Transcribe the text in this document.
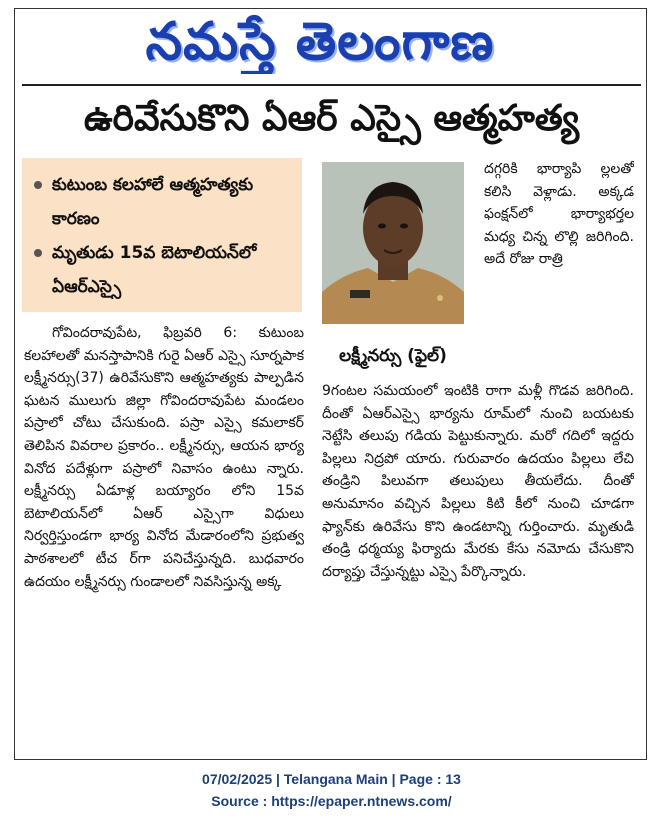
నమస్తే తెలంగాణ
ఉరివేసుకొని ఏఆర్ ఎస్సై ఆత్మహత్య
కుటుంబ కలహాలే ఆత్మహత్యకు కారణం
మృతుడు 15వ బెటాలియన్‌లో ఏఆర్ఎస్సై
లక్ష్మీనర్సు (ఫైల్)

గోవిందరావుపేట, ఫిబ్రవరి 6: కుటుంబ కలహాలతో మనస్తాపానికి గురై ఏఆర్ ఎస్సై సూర్నపాక లక్ష్మీనర్సు(37) ఉరివేసుకొని ఆత్మహత్యకు పాల్పడిన ఘటన ములుగు జిల్లా గోవిందరావుపేట మండలం పస్రాలో చోటు చేసుకుంది. పస్రా ఎస్సై కమలాకర్ తెలిపిన వివరాల ప్రకారం.. లక్ష్మీనర్సు, ఆయన భార్య వినోద పదేళ్లుగా పస్రాలో నివాసం ఉంటు న్నారు. లక్ష్మీనర్సు ఏడూళ్ల బయ్యారం లోని 15వ బెటాలియన్‌లో ఏఆర్ ఎస్సైగా విధులు నిర్వర్తిస్తుండగా భార్య వినోద మేడారంలోని ప్రభుత్వ పాఠశాలలో టీచ ర్‌గా పనిచేస్తున్నది. బుధవారం ఉదయం లక్ష్మీనర్సు గుండాలలో నివసిస్తున్న అక్క

దగ్గరికి భార్యాపి ల్లలతో కలిసి వెళ్లాడు. అక్కడ ఫంక్షన్‌లో భార్యాభర్తల మధ్య చిన్న లొల్లి జరిగింది. అదే రోజు రాత్రి

9గంటల సమయంలో ఇంటికి రాగా మళ్లీ గొడవ జరిగింది. దీంతో ఏఆర్ఎస్సై భార్యను రూమ్‌లో నుంచి బయటకు నెట్టేసి తలుపు గడియ పెట్టుకున్నారు. మరో గదిలో ఇద్దరు పిల్లలు నిద్రపో యారు. గురువారం ఉదయం పిల్లలు లేచి తండ్రిని పిలువగా తలుపులు తీయలేదు. దీంతో అనుమానం వచ్చిన పిల్లలు కిటి కీలో నుంచి చూడగా ఫ్యాన్‌కు ఉరివేసు కొని ఉండటాన్ని గుర్తించారు. మృతుడి తండ్రి ధర్మయ్య ఫిర్యాదు మేరకు కేసు నమోదు చేసుకొని దర్యాప్తు చేస్తున్నట్టు ఎస్సై పేర్కొన్నారు.

07/02/2025 | Telangana Main | Page : 13
Source : https://epaper.ntnews.com/
